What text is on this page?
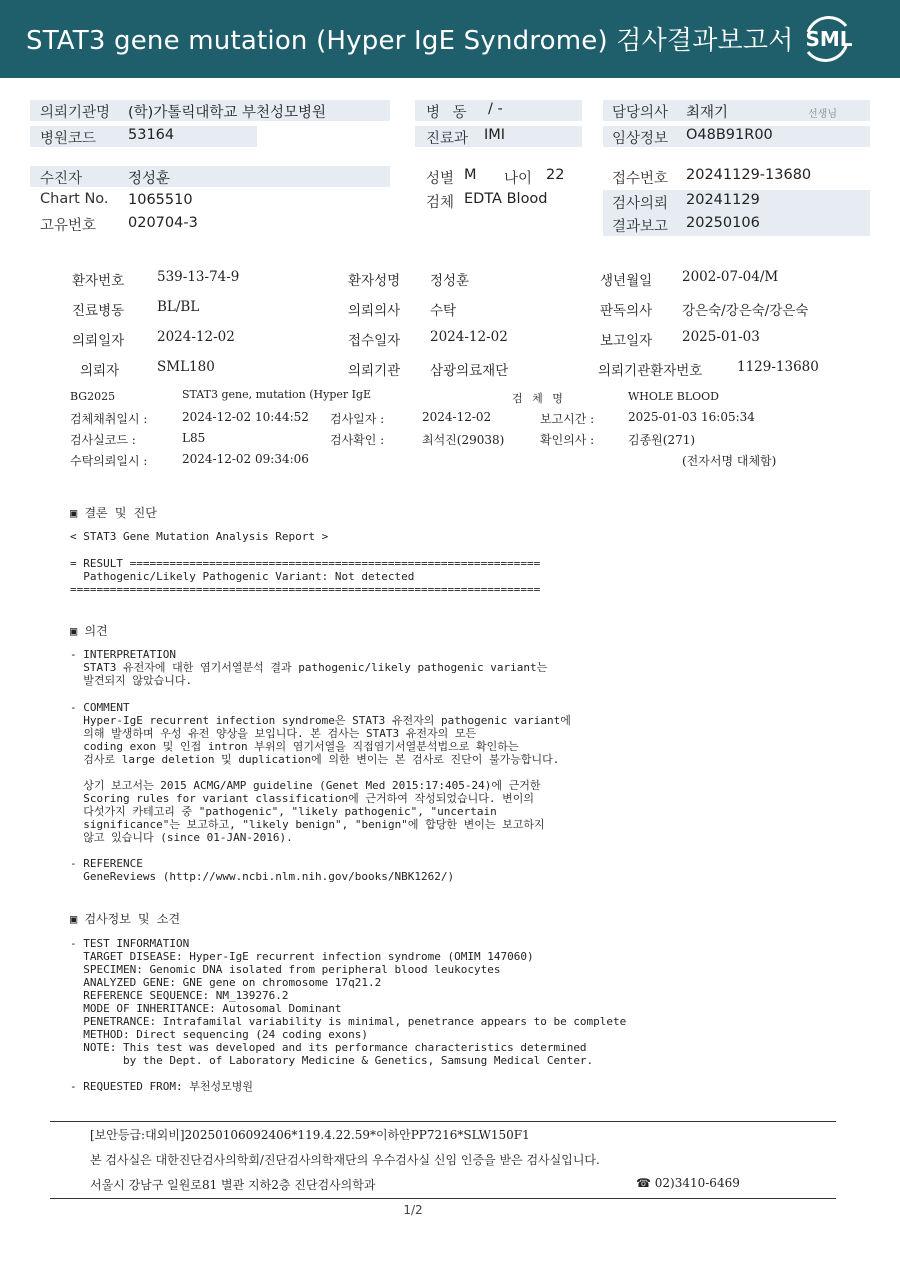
STAT3 gene mutation (Hyper IgE Syndrome) 검사결과보고서 SML
의뢰기관명 (학)가톨릭대학교 부천성모병원	병 동 / -	담당의사 최재기	선생님
병원코드 53164	진료과 IMI	임상정보 O48B91R00
수진자	정성훈	성별 M 나이 22	접수번호 20241129-13680
Chart No. 1065510	검체 EDTA Blood	검사의뢰 20241129
고유번호 020704-3	결과보고 20250106
환자번호 539-13-74-9	환자성명 정성훈	생년월일 2002-07-04/M
진료병동 BL/BL	의뢰의사 수탁	판독의사 강은숙/강은숙/강은숙
의뢰일자 2024-12-02	접수일자 2024-12-02	보고일자 2025-01-03
의뢰자	SML180	의뢰기관 삼광의료재단	의뢰기관환자번호	1129-13680
BG2025	STAT3 gene, mutation (Hyper IgE	검 체 명	WHOLE BLOOD
검체채취일시 :	2024-12-02 10:44:52 검사일자 :	2024-12-02	보고시간 :	2025-01-03 16:05:34
검사실코드 :	L85	검사확인 :	최석진(29038)	확인의사 :	김종원(271)
수탁의뢰일시 :	2024-12-02 09:34:06	(전자서명 대체함)
▣ 결론 및 진단
< STAT3 Gene Mutation Analysis Report >
= RESULT ==============================================================
Pathogenic/Likely Pathogenic Variant: Not detected
=======================================================================
▣ 의견
- INTERPRETATION
STAT3 유전자에 대한 염기서열분석 결과 pathogenic/likely pathogenic variant는
발견되지 않았습니다.
- COMMENT
Hyper-IgE recurrent infection syndrome은 STAT3 유전자의 pathogenic variant에
의해 발생하며 우성 유전 양상을 보입니다. 본 검사는 STAT3 유전자의 모든
coding exon 및 인접 intron 부위의 염기서열을 직접염기서열분석법으로 확인하는
검사로 large deletion 및 duplication에 의한 변이는 본 검사로 진단이 불가능합니다.
상기 보고서는 2015 ACMG/AMP guideline (Genet Med 2015:17:405-24)에 근거한
Scoring rules for variant classification에 근거하여 작성되었습니다. 변이의
다섯가지 카테고리 중 "pathogenic", "likely pathogenic", "uncertain
significance"는 보고하고, "likely benign", "benign"에 합당한 변이는 보고하지
않고 있습니다 (since 01-JAN-2016).
- REFERENCE
GeneReviews (http://www.ncbi.nlm.nih.gov/books/NBK1262/)
▣ 검사정보 및 소견
- TEST INFORMATION
TARGET DISEASE: Hyper-IgE recurrent infection syndrome (OMIM 147060)
SPECIMEN: Genomic DNA isolated from peripheral blood leukocytes
ANALYZED GENE: GNE gene on chromosome 17q21.2
REFERENCE SEQUENCE: NM_139276.2
MODE OF INHERITANCE: Autosomal Dominant
PENETRANCE: Intrafamilal variability is minimal, penetrance appears to be complete
METHOD: Direct sequencing (24 coding exons)
NOTE: This test was developed and its performance characteristics determined
by the Dept. of Laboratory Medicine & Genetics, Samsung Medical Center.
- REQUESTED FROM: 부천성모병원
[보안등급:대외비]20250106092406*119.4.22.59*이하안PP7216*SLW150F1
본 검사실은 대한진단검사의학회/진단검사의학재단의 우수검사실 신임 인증을 받은 검사실입니다.
서울시 강남구 일원로81 별관 지하2층 진단검사의학과	☎ 02)3410-6469
1/2
